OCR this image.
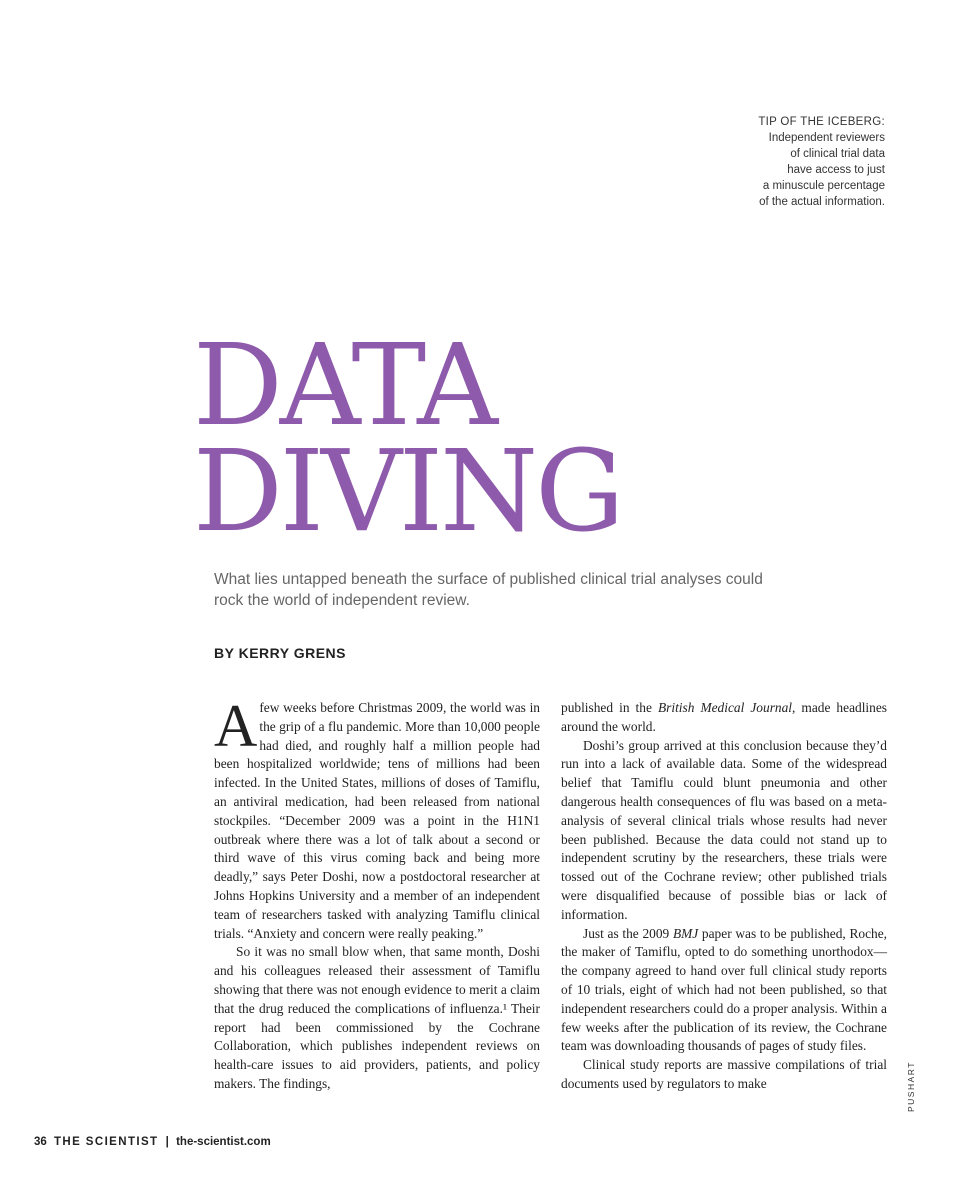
TIP OF THE ICEBERG:
Independent reviewers
of clinical trial data
have access to just
a minuscule percentage
of the actual information.
DATA
DIVING
What lies untapped beneath the surface of published clinical trial analyses could rock the world of independent review.
BY KERRY GRENS

A few weeks before Christmas 2009, the world was in the grip of a flu pandemic. More than 10,000 people had died, and roughly half a million people had been hospitalized worldwide; tens of millions had been infected. In the United States, millions of doses of Tamiflu, an antiviral medication, had been released from national stockpiles. “December 2009 was a point in the H1N1 outbreak where there was a lot of talk about a second or third wave of this virus coming back and being more deadly,” says Peter Doshi, now a postdoctoral researcher at Johns Hopkins University and a member of an independent team of researchers tasked with analyzing Tamiflu clinical trials. “Anxiety and concern were really peaking.”

So it was no small blow when, that same month, Doshi and his colleagues released their assessment of Tamiflu showing that there was not enough evidence to merit a claim that the drug reduced the complications of influenza.¹ Their report had been commissioned by the Cochrane Collaboration, which publishes independent reviews on health-care issues to aid providers, patients, and policy makers. The findings,

published in the British Medical Journal, made headlines around the world.

Doshi’s group arrived at this conclusion because they’d run into a lack of available data. Some of the widespread belief that Tamiflu could blunt pneumonia and other dangerous health consequences of flu was based on a meta-analysis of several clinical trials whose results had never been published. Because the data could not stand up to independent scrutiny by the researchers, these trials were tossed out of the Cochrane review; other published trials were disqualified because of possible bias or lack of information.

Just as the 2009 BMJ paper was to be published, Roche, the maker of Tamiflu, opted to do something unorthodox—the company agreed to hand over full clinical study reports of 10 trials, eight of which had not been published, so that independent researchers could do a proper analysis. Within a few weeks after the publication of its review, the Cochrane team was downloading thousands of pages of study files.

Clinical study reports are massive compilations of trial documents used by regulators to make

36 THE SCIENTIST | the-scientist.com
PUSHART
